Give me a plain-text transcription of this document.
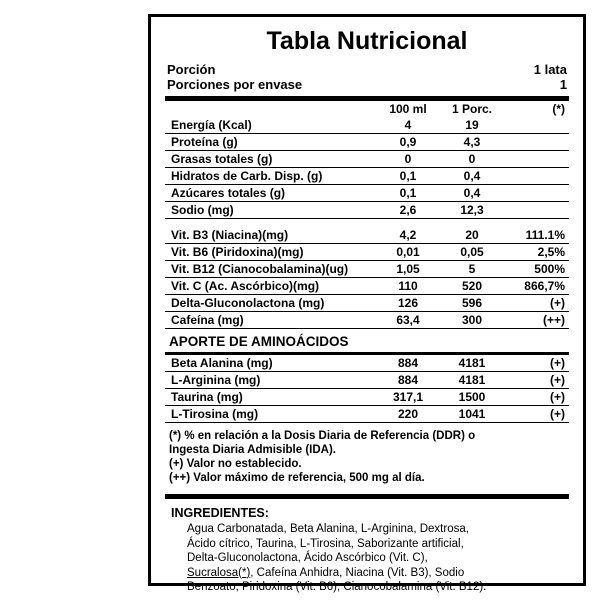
Tabla Nutricional
Porción	1 lata
Porciones por envase	1
	100 ml	1 Porc.	(*)
Energía (Kcal)	4	19	
Proteína (g)	0,9	4,3	
Grasas totales (g)	0	0	
Hidratos de Carb. Disp. (g)	0,1	0,4	
Azúcares totales (g)	0,1	0,4	
Sodio (mg)	2,6	12,3	

Vit. B3 (Niacina)(mg)	4,2	20	111.1%
Vit. B6 (Piridoxina)(mg)	0,01	0,05	2,5%
Vit. B12 (Cianocobalamina)(ug)	1,05	5	500%
Vit. C (Ac. Ascórbico)(mg)	110	520	866,7%
Delta-Gluconolactona (mg)	126	596	(+)
Cafeína (mg)	63,4	300	(++)
APORTE DE AMINOÁCIDOS
Beta Alanina (mg)	884	4181	(+)
L-Arginina (mg)	884	4181	(+)
Taurina (mg)	317,1	1500	(+)
L-Tirosina (mg)	220	1041	(+)
(*) % en relación a la Dosis Diaria de Referencia (DDR) o
Ingesta Diaria Admisible (IDA).
(+) Valor no establecido.
(++) Valor máximo de referencia, 500 mg al día.
INGREDIENTES:
Agua Carbonatada, Beta Alanina, L-Arginina, Dextrosa,
Ácido cítrico, Taurina, L-Tirosina, Saborizante artificial,
Delta-Gluconolactona, Ácido Ascórbico (Vit. C),
Sucralosa(*), Cafeína Anhidra, Niacina (Vit. B3), Sodio
Benzoato, Piridoxina (Vit. B6), Cianocobalamina (Vit. B12).
